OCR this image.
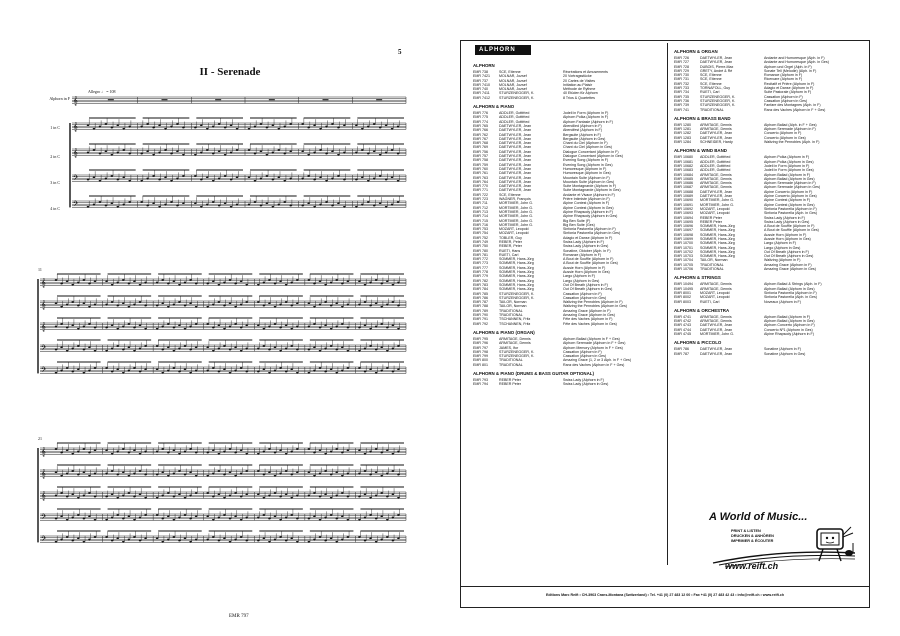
𝄞
𝄞
𝄞
𝄢
𝄢
𝄞
𝄞
𝄞
𝄢
𝄢
𝄞
𝄞
𝄞
𝄢
𝄢
5
II - Serenade
Allegro ♩ = 108
Alphorn in F
1 in C
2 in C
3 in C
4 in C
11
21
EMR 797
ALPHORN
ALPHORN
EMR 738	SCE, Etienne	Récréations et Amusements
EMR 7421	MOLNAR, Jozsef	20 Vortragsstücke
EMR 737	MOLNAR, Jozsef	20 Cartes de Visites
EMR 7410	MOLNAR, Jozsef	Initiation au Plaisir
EMR 740	MOLNAR, Jozsef	Méthode de Rythme
EMR 7411	STURZENEGGER, K.	40 Etüden für Alphorn
EMR 7412	STURZENEGGER, K.	8 Trios & Quartettes
ALPHORN & PIANO
EMR 776	ADDLER, Gottfried	Jodeli in Form (Alphorn in F)
EMR 775	ADDLER, Gottfried	Alphorn Polka (Alphorn in F)
EMR 774	ADDLER, Gottfried	Alphorn Fantasie (Alphorn in F)
EMR 765	DAETWYLER, Jean	Abendlied (Alphorn in F)
EMR 766	DAETWYLER, Jean	Abendfest (Alphorn in F)
EMR 762	DAETWYLER, Jean	Bergsuite (Alphorn in F)
EMR 767	DAETWYLER, Jean	Bergsuite (Alphorn in Ges)
EMR 768	DAETWYLER, Jean	Chant du Ciel (Alphorn in F)
EMR 769	DAETWYLER, Jean	Chant du Ciel (Alphorn in Ges)
EMR 756	DAETWYLER, Jean	Dialogue Concertant (Alphorn in F)
EMR 757	DAETWYLER, Jean	Dialogue Concertant (Alphorn in Ges)
EMR 758	DAETWYLER, Jean	Evening Song (Alphorn in F)
EMR 759	DAETWYLER, Jean	Evening Song (Alphorn in Ges)
EMR 760	DAETWYLER, Jean	Humoresque (Alphorn in F)
EMR 761	DAETWYLER, Jean	Humoresque (Alphorn in Ges)
EMR 763	DAETWYLER, Jean	Mountain Suite (Alphorn in F)
EMR 764	DAETWYLER, Jean	Mountain Suite (Alphorn in Ges)
EMR 770	DAETWYLER, Jean	Suite Montagnarde (Alphorn in F)
EMR 771	DAETWYLER, Jean	Suite Montagnarde (Alphorn in Ges)
EMR 722	SCE, Etienne	Andante et Vivace (Alphorn in F)
EMR 723	WAGNER, François	Prière Intimiste (Alphorn in F)
EMR 711	MORTIMER, John G.	Alpine Contest (Alphorn in F)
EMR 712	MORTIMER, John G.	Alpine Contest (Alphorn in Ges)
EMR 713	MORTIMER, John G.	Alpine Rhapsody (Alphorn in F)
EMR 714	MORTIMER, John G.	Alpine Rhapsody (Alphorn in Ges)
EMR 715	MORTIMER, John G.	Big Ben Suite (F)
EMR 716	MORTIMER, John G.	Big Ben Suite (Ges)
EMR 753	MOZART, Leopold	Sinfonia Pastorella (Alphorn in F)
EMR 754	MOZART, Leopold	Sinfonia Pastorella (Alphorn in Ges)
EMR 752	TOBLER, Guy	Adagio et Danse (Alphorn in F)
EMR 749	REBER, Peter	Swiss Lady (Alphorn in F)
EMR 750	REBER, Peter	Swiss Lady (Alphorn in Ges)
EMR 780	RUETI, Hans	Sonatine, Oktober (Alph. in F)
EMR 781	RUETI, Carl	Romanze (Alphorn in F)
EMR 772	SOMMER, Hans-Jürg	A Bout de Souffle (Alphorn in F)
EMR 773	SOMMER, Hans-Jürg	A Bout de Souffle (Alphorn in Ges)
EMR 777	SOMMER, Hans-Jürg	Aussie Horn (Alphorn in F)
EMR 778	SOMMER, Hans-Jürg	Aussie Horn (Alphorn in Ges)
EMR 779	SOMMER, Hans-Jürg	Largo (Alphorn in F)
EMR 782	SOMMER, Hans-Jürg	Largo (Alphorn in Ges)
EMR 783	SOMMER, Hans-Jürg	Out Of Breath (Alphorn in F)
EMR 784	SOMMER, Hans-Jürg	Out Of Breath (Alphorn in Ges)
EMR 785	STURZENEGGER, K.	Cassation (Alphorn in F)
EMR 786	STURZENEGGER, K.	Cassation (Alphorn in Ges)
EMR 787	TAILOR, Norman	Waltzing the Penrobles (Alphorn in F)
EMR 788	TAILOR, Norman	Waltzing the Penrobles (Alphorn in Ges)
EMR 789	TRADITIONAL	Amazing Grace (Alphorn in F)
EMR 790	TRADITIONAL	Amazing Grace (Alphorn in Ges)
EMR 791	TSCHANNEN, Fritz	Fête des Vaches (Alphorn in F)
EMR 792	TSCHANNEN, Fritz	Fête des Vaches (Alphorn in Ges)
ALPHORN & PIANO (ORGAN)
EMR 795	ARMITAGE, Dennis	Alphorn Ballad (Alphorn in F + Ges)
EMR 796	ARMITAGE, Dennis	Alphorn Serenade (Alphorn in F + Ges)
EMR 797	JAMES, Ifor	Alphorn Memory (Alphorn in F + Ges)
EMR 798	STURZENEGGER, K.	Cassation (Alphorn in F)
EMR 799	STURZENEGGER, K.	Cassation (Alphorn in Ges)
EMR 800	TRADITIONAL	Amazing Grace (1, 2 or 3 Alph. in F + Ges)
EMR 801	TRADITIONAL	Ranz des Vaches (Alphorn in F + Ges)
ALPHORN & PIANO (DRUMS & BASS GUITAR OPTIONAL)
EMR 793	REBER Peter	Swiss Lady (Alphorn in F)
EMR 794	REBER Peter	Swiss Lady (Alphorn in Ges)
ALPHORN & ORGAN
EMR 726	DAETWYLER, Jean	Andante and Humoresque (Alph. in F)
EMR 727	DAETWYLER, Jean	Andante and Humoresque (Alph. in Ges)
EMR 728	DUBOIS, Pierre-Max	Alphorn und Orgel (Alph. in F)
EMR 729	GRETY, André & Ré	Sonate Tell (Melodie) (Alph. in F)
EMR 730	SCE, Etienne	Romance (Alphorn in F)
EMR 731	SCE, Etienne	Ricercare (Alphorn in F)
EMR 732	SCE, Etienne	Recitatif et Prière (Alphorn in F)
EMR 733	TORNAFOLL, Guy	Adagio et Danse (Alphorn in F)
EMR 734	RUETI, Carl	Suite Pastorale (Alphorn in F)
EMR 735	STURZENEGGER, K.	Cassation (Alphorn in F)
EMR 736	STURZENEGGER, K.	Cassation (Alphorn in Ges)
EMR 739	STURZENEGGER, K.	Fanfare des Montagnes (Alph. in F)
EMR 741	TRADITIONAL	Ranz des Vaches (Alphorn in F + Ges)
ALPHORN & BRASS BAND
EMR 1280	ARMITAGE, Dennis	Alphorn Ballad (Alph. in F + Ges)
EMR 1281	ARMITAGE, Dennis	Alphorn Serenade (Alphorn in F)
EMR 1282	DAETWYLER, Jean	Concerto (Alphorn in F)
EMR 1283	DAETWYLER, Jean	Concerto (Alphorn in Ges)
EMR 1284	SCHNEIDER, Hardy	Waltzing the Penrobles (Alph. in F)
ALPHORN & WIND BAND
EMR 10680	ADDLER, Gottfried	Alphorn Polka (Alphorn in F)
EMR 10681	ADDLER, Gottfried	Alphorn Polka (Alphorn in Ges)
EMR 10682	ADDLER, Gottfried	Jodeli in Form (Alphorn in F)
EMR 10683	ADDLER, Gottfried	Jodeli in Form (Alphorn in Ges)
EMR 10684	ARMITAGE, Dennis	Alphorn Ballad (Alphorn in F)
EMR 10685	ARMITAGE, Dennis	Alphorn Ballad (Alphorn in Ges)
EMR 10686	ARMITAGE, Dennis	Alphorn Serenade (Alphorn in F)
EMR 10687	ARMITAGE, Dennis	Alphorn Serenade (Alphorn in Ges)
EMR 10688	DAETWYLER, Jean	Alpine Concerto (Alphorn in F)
EMR 10689	DAETWYLER, Jean	Alpine Concerto (Alphorn in Ges)
EMR 10690	MORTIMER, John G.	Alpine Contest (Alphorn in F)
EMR 10691	MORTIMER, John G.	Alpine Contest (Alphorn in Ges)
EMR 10692	MOZART, Leopold	Sinfonia Pastorella (Alphorn in F)
EMR 10693	MOZART, Leopold	Sinfonia Pastorella (Alph. in Ges)
EMR 10694	REBER Peter	Swiss Lady (Alphorn in F)
EMR 10695	REBER Peter	Swiss Lady (Alphorn in Ges)
EMR 10696	SOMMER, Hans-Jürg	A Bout de Souffle (Alphorn in F)
EMR 10697	SOMMER, Hans-Jürg	A Bout de Souffle (Alphorn in Ges)
EMR 10698	SOMMER, Hans-Jürg	Aussie Horn (Alphorn in F)
EMR 10699	SOMMER, Hans-Jürg	Aussie Horn (Alphorn in Ges)
EMR 10700	SOMMER, Hans-Jürg	Largo (Alphorn in F)
EMR 10701	SOMMER, Hans-Jürg	Largo (Alphorn in Ges)
EMR 10702	SOMMER, Hans-Jürg	Out Of Breath (Alphorn in F)
EMR 10703	SOMMER, Hans-Jürg	Out Of Breath (Alphorn in Ges)
EMR 10704	TAILOR, Norman	Waltzing (Alphorn in F)
EMR 10705	TRADITIONAL	Amazing Grace (Alphorn in F)
EMR 10706	TRADITIONAL	Amazing Grace (Alphorn in Ges)
ALPHORN & STRINGS
EMR 10494	ARMITAGE, Dennis	Alphorn Ballad & Strings (Alph. in F)
EMR 10495	ARMITAGE, Dennis	Alphorn Ballad (Alphorn in Ges)
EMR 8001	MOZART, Leopold	Sinfonia Pastorella (Alphorn in F)
EMR 8002	MOZART, Leopold	Sinfonia Pastorella (Alph. in Ges)
EMR 8003	RUETI, Carl	Noveaux (Alphorn in F)
ALPHORN & ORCHESTRA
EMR 4741	ARMITAGE, Dennis	Alphorn Ballad (Alphorn in F)
EMR 4742	ARMITAGE, Dennis	Alphorn Ballad (Alphorn in Ges)
EMR 4743	DAETWYLER, Jean	Alphorn Concerto (Alphorn in F)
EMR 4744	DAETWYLER, Jean	Concerto Nº1 (Alphorn in Ges)
EMR 4745	MORTIMER, John G.	Alpine Rhapsody (Alphorn in F)
ALPHORN & PICCOLO
EMR 786	DAETWYLER, Jean	Sonatine (Alphorn in F)
EMR 787	DAETWYLER, Jean	Sonatine (Alphorn in Ges)
A World of Music...
PRINT & LISTEN
DRUCKEN & ANHÖREN
IMPRIMER & ÉCOUTER
www.reift.ch
Editions Marc Reift • CH-3963 Crans-Montana (Switzerland) • Tel. +41 (0) 27 483 12 00 • Fax +41 (0) 27 483 42 43 • info@reift.ch • www.reift.ch
